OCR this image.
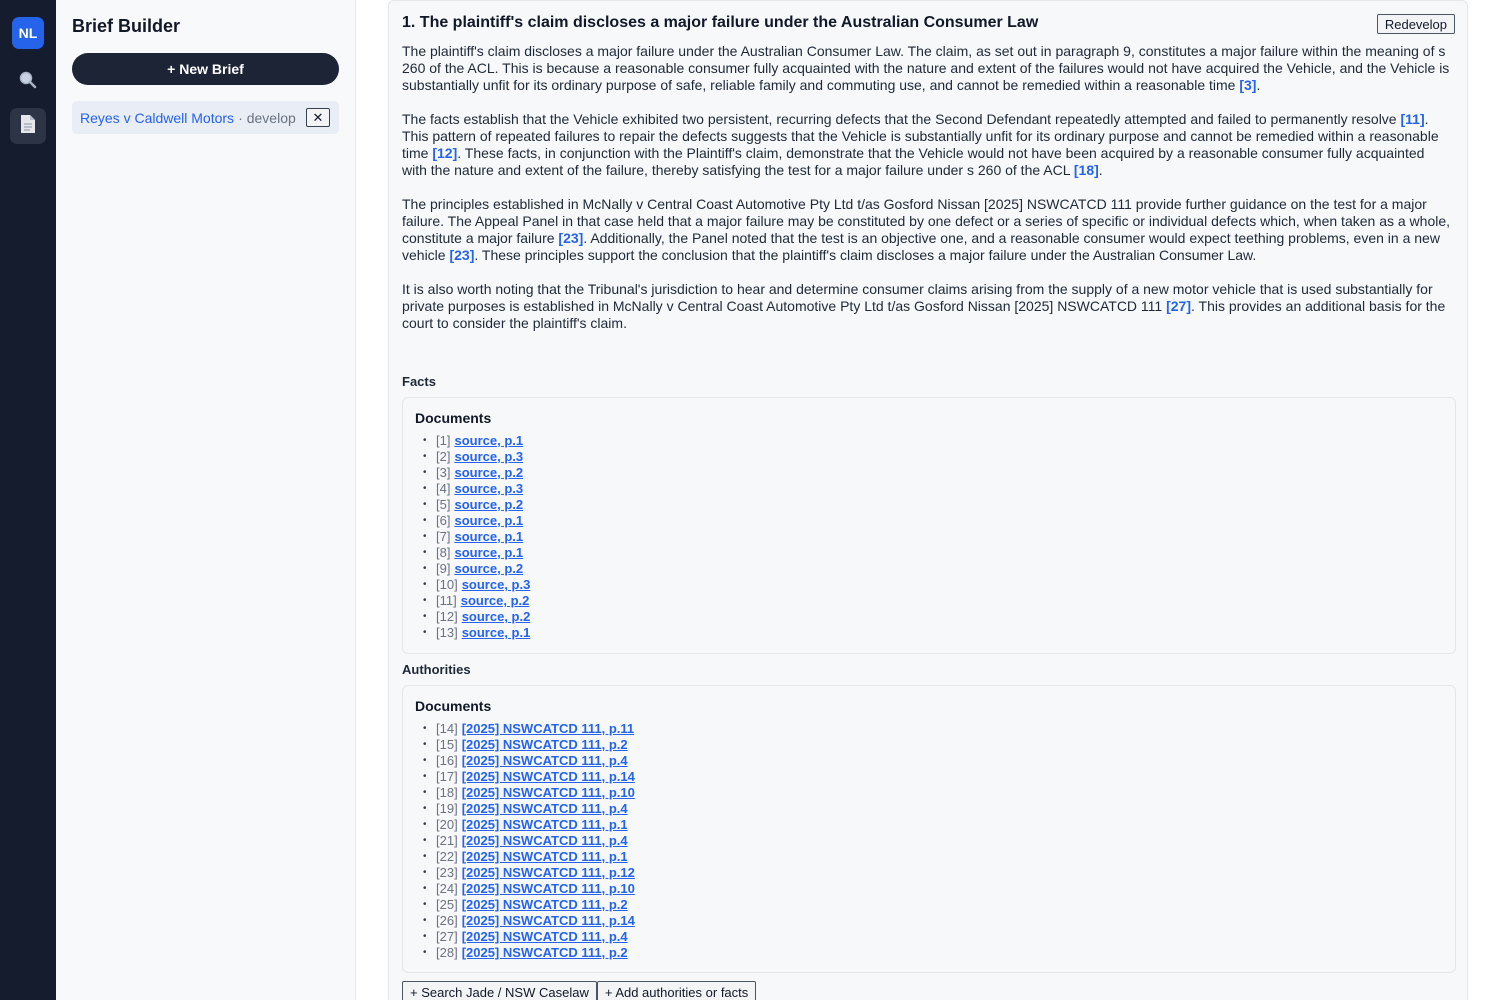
NL	Brief Builder
+ New Brief
Reyes v Caldwell Motors · develop ✕
1. The plaintiff's claim discloses a major failure under the Australian Consumer Law	Redevelop

The plaintiff's claim discloses a major failure under the Australian Consumer Law. The claim, as set out in paragraph 9, constitutes a major failure within the meaning of s 260 of the ACL. This is because a reasonable consumer fully acquainted with the nature and extent of the failures would not have acquired the Vehicle, and the Vehicle is substantially unfit for its ordinary purpose of safe, reliable family and commuting use, and cannot be remedied within a reasonable time [3].

The facts establish that the Vehicle exhibited two persistent, recurring defects that the Second Defendant repeatedly attempted and failed to permanently resolve [11]. This pattern of repeated failures to repair the defects suggests that the Vehicle is substantially unfit for its ordinary purpose and cannot be remedied within a reasonable time [12]. These facts, in conjunction with the Plaintiff's claim, demonstrate that the Vehicle would not have been acquired by a reasonable consumer fully acquainted with the nature and extent of the failure, thereby satisfying the test for a major failure under s 260 of the ACL [18].

The principles established in McNally v Central Coast Automotive Pty Ltd t/as Gosford Nissan [2025] NSWCATCD 111 provide further guidance on the test for a major failure. The Appeal Panel in that case held that a major failure may be constituted by one defect or a series of specific or individual defects which, when taken as a whole, constitute a major failure [23]. Additionally, the Panel noted that the test is an objective one, and a reasonable consumer would expect teething problems, even in a new vehicle [23]. These principles support the conclusion that the plaintiff's claim discloses a major failure under the Australian Consumer Law.

It is also worth noting that the Tribunal's jurisdiction to hear and determine consumer claims arising from the supply of a new motor vehicle that is used substantially for private purposes is established in McNally v Central Coast Automotive Pty Ltd t/as Gosford Nissan [2025] NSWCATCD 111 [27]. This provides an additional basis for the court to consider the plaintiff's claim.

Facts
Documents
• [1] source, p.1
• [2] source, p.3
• [3] source, p.2
• [4] source, p.3
• [5] source, p.2
• [6] source, p.1
• [7] source, p.1
• [8] source, p.1
• [9] source, p.2
• [10] source, p.3
• [11] source, p.2
• [12] source, p.2
• [13] source, p.1
Authorities
Documents
• [14] [2025] NSWCATCD 111, p.11
• [15] [2025] NSWCATCD 111, p.2
• [16] [2025] NSWCATCD 111, p.4
• [17] [2025] NSWCATCD 111, p.14
• [18] [2025] NSWCATCD 111, p.10
• [19] [2025] NSWCATCD 111, p.4
• [20] [2025] NSWCATCD 111, p.1
• [21] [2025] NSWCATCD 111, p.4
• [22] [2025] NSWCATCD 111, p.1
• [23] [2025] NSWCATCD 111, p.12
• [24] [2025] NSWCATCD 111, p.10
• [25] [2025] NSWCATCD 111, p.2
• [26] [2025] NSWCATCD 111, p.14
• [27] [2025] NSWCATCD 111, p.4
• [28] [2025] NSWCATCD 111, p.2
+ Search Jade / NSW Caselaw	+ Add authorities or facts
